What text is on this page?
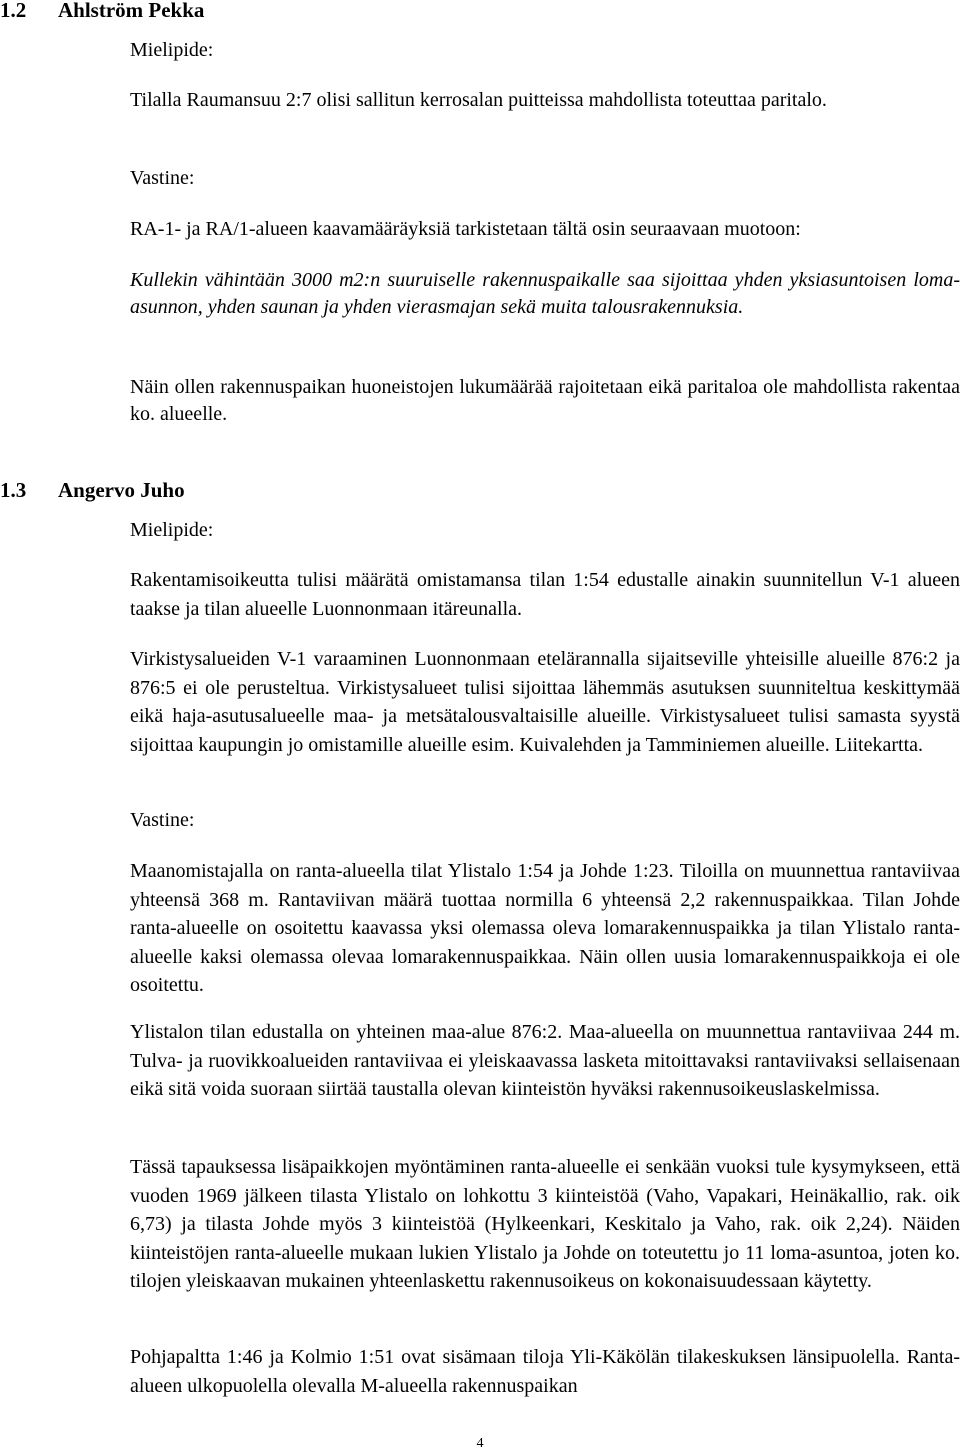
1.2 Ahlström Pekka
Mielipide:

Tilalla Raumansuu 2:7 olisi sallitun kerrosalan puitteissa mahdollista toteuttaa paritalo.

Vastine:

RA-1- ja RA/1-alueen kaavamääräyksiä tarkistetaan tältä osin seuraavaan muotoon:

Kullekin vähintään 3000 m2:n suuruiselle rakennuspaikalle saa sijoittaa yhden yksiasuntoisen loma-asunnon, yhden saunan ja yhden vierasmajan sekä muita talousrakennuksia.

Näin ollen rakennuspaikan huoneistojen lukumäärää rajoitetaan eikä paritaloa ole mahdollista rakentaa ko. alueelle.

1.3 Angervo Juho
Mielipide:

Rakentamisoikeutta tulisi määrätä omistamansa tilan 1:54 edustalle ainakin suunnitellun V-1 alueen taakse ja tilan alueelle Luonnonmaan itäreunalla.

Virkistysalueiden V-1 varaaminen Luonnonmaan etelärannalla sijaitseville yhteisille alueille 876:2 ja 876:5 ei ole perusteltua. Virkistysalueet tulisi sijoittaa lähemmäs asutuksen suunniteltua keskittymää eikä haja-asutusalueelle maa- ja metsätalousvaltaisille alueille. Virkistysalueet tulisi samasta syystä sijoittaa kaupungin jo omistamille alueille esim. Kuivalehden ja Tamminiemen alueille. Liitekartta.

Vastine:

Maanomistajalla on ranta-alueella tilat Ylistalo 1:54 ja Johde 1:23. Tiloilla on muunnettua rantaviivaa yhteensä 368 m. Rantaviivan määrä tuottaa normilla 6 yhteensä 2,2 rakennuspaikkaa. Tilan Johde ranta-alueelle on osoitettu kaavassa yksi olemassa oleva lomarakennuspaikka ja tilan Ylistalo ranta-alueelle kaksi olemassa olevaa lomarakennuspaikkaa. Näin ollen uusia lomarakennuspaikkoja ei ole osoitettu.

Ylistalon tilan edustalla on yhteinen maa-alue 876:2. Maa-alueella on muunnettua rantaviivaa 244 m. Tulva- ja ruovikkoalueiden rantaviivaa ei yleiskaavassa lasketa mitoittavaksi rantaviivaksi sellaisenaan eikä sitä voida suoraan siirtää taustalla olevan kiinteistön hyväksi rakennusoikeuslaskelmissa.

Tässä tapauksessa lisäpaikkojen myöntäminen ranta-alueelle ei senkään vuoksi tule kysymykseen, että vuoden 1969 jälkeen tilasta Ylistalo on lohkottu 3 kiinteistöä (Vaho, Vapakari, Heinäkallio, rak. oik 6,73) ja tilasta Johde myös 3 kiinteistöä (Hylkeenkari, Keskitalo ja Vaho, rak. oik 2,24). Näiden kiinteistöjen ranta-alueelle mukaan lukien Ylistalo ja Johde on toteutettu jo 11 loma-asuntoa, joten ko. tilojen yleiskaavan mukainen yhteenlaskettu rakennusoikeus on kokonaisuudessaan käytetty.

Pohjapaltta 1:46 ja Kolmio 1:51 ovat sisämaan tiloja Yli-Käkölän tilakeskuksen länsipuolella. Ranta-alueen ulkopuolella olevalla M-alueella rakennuspaikan

4
